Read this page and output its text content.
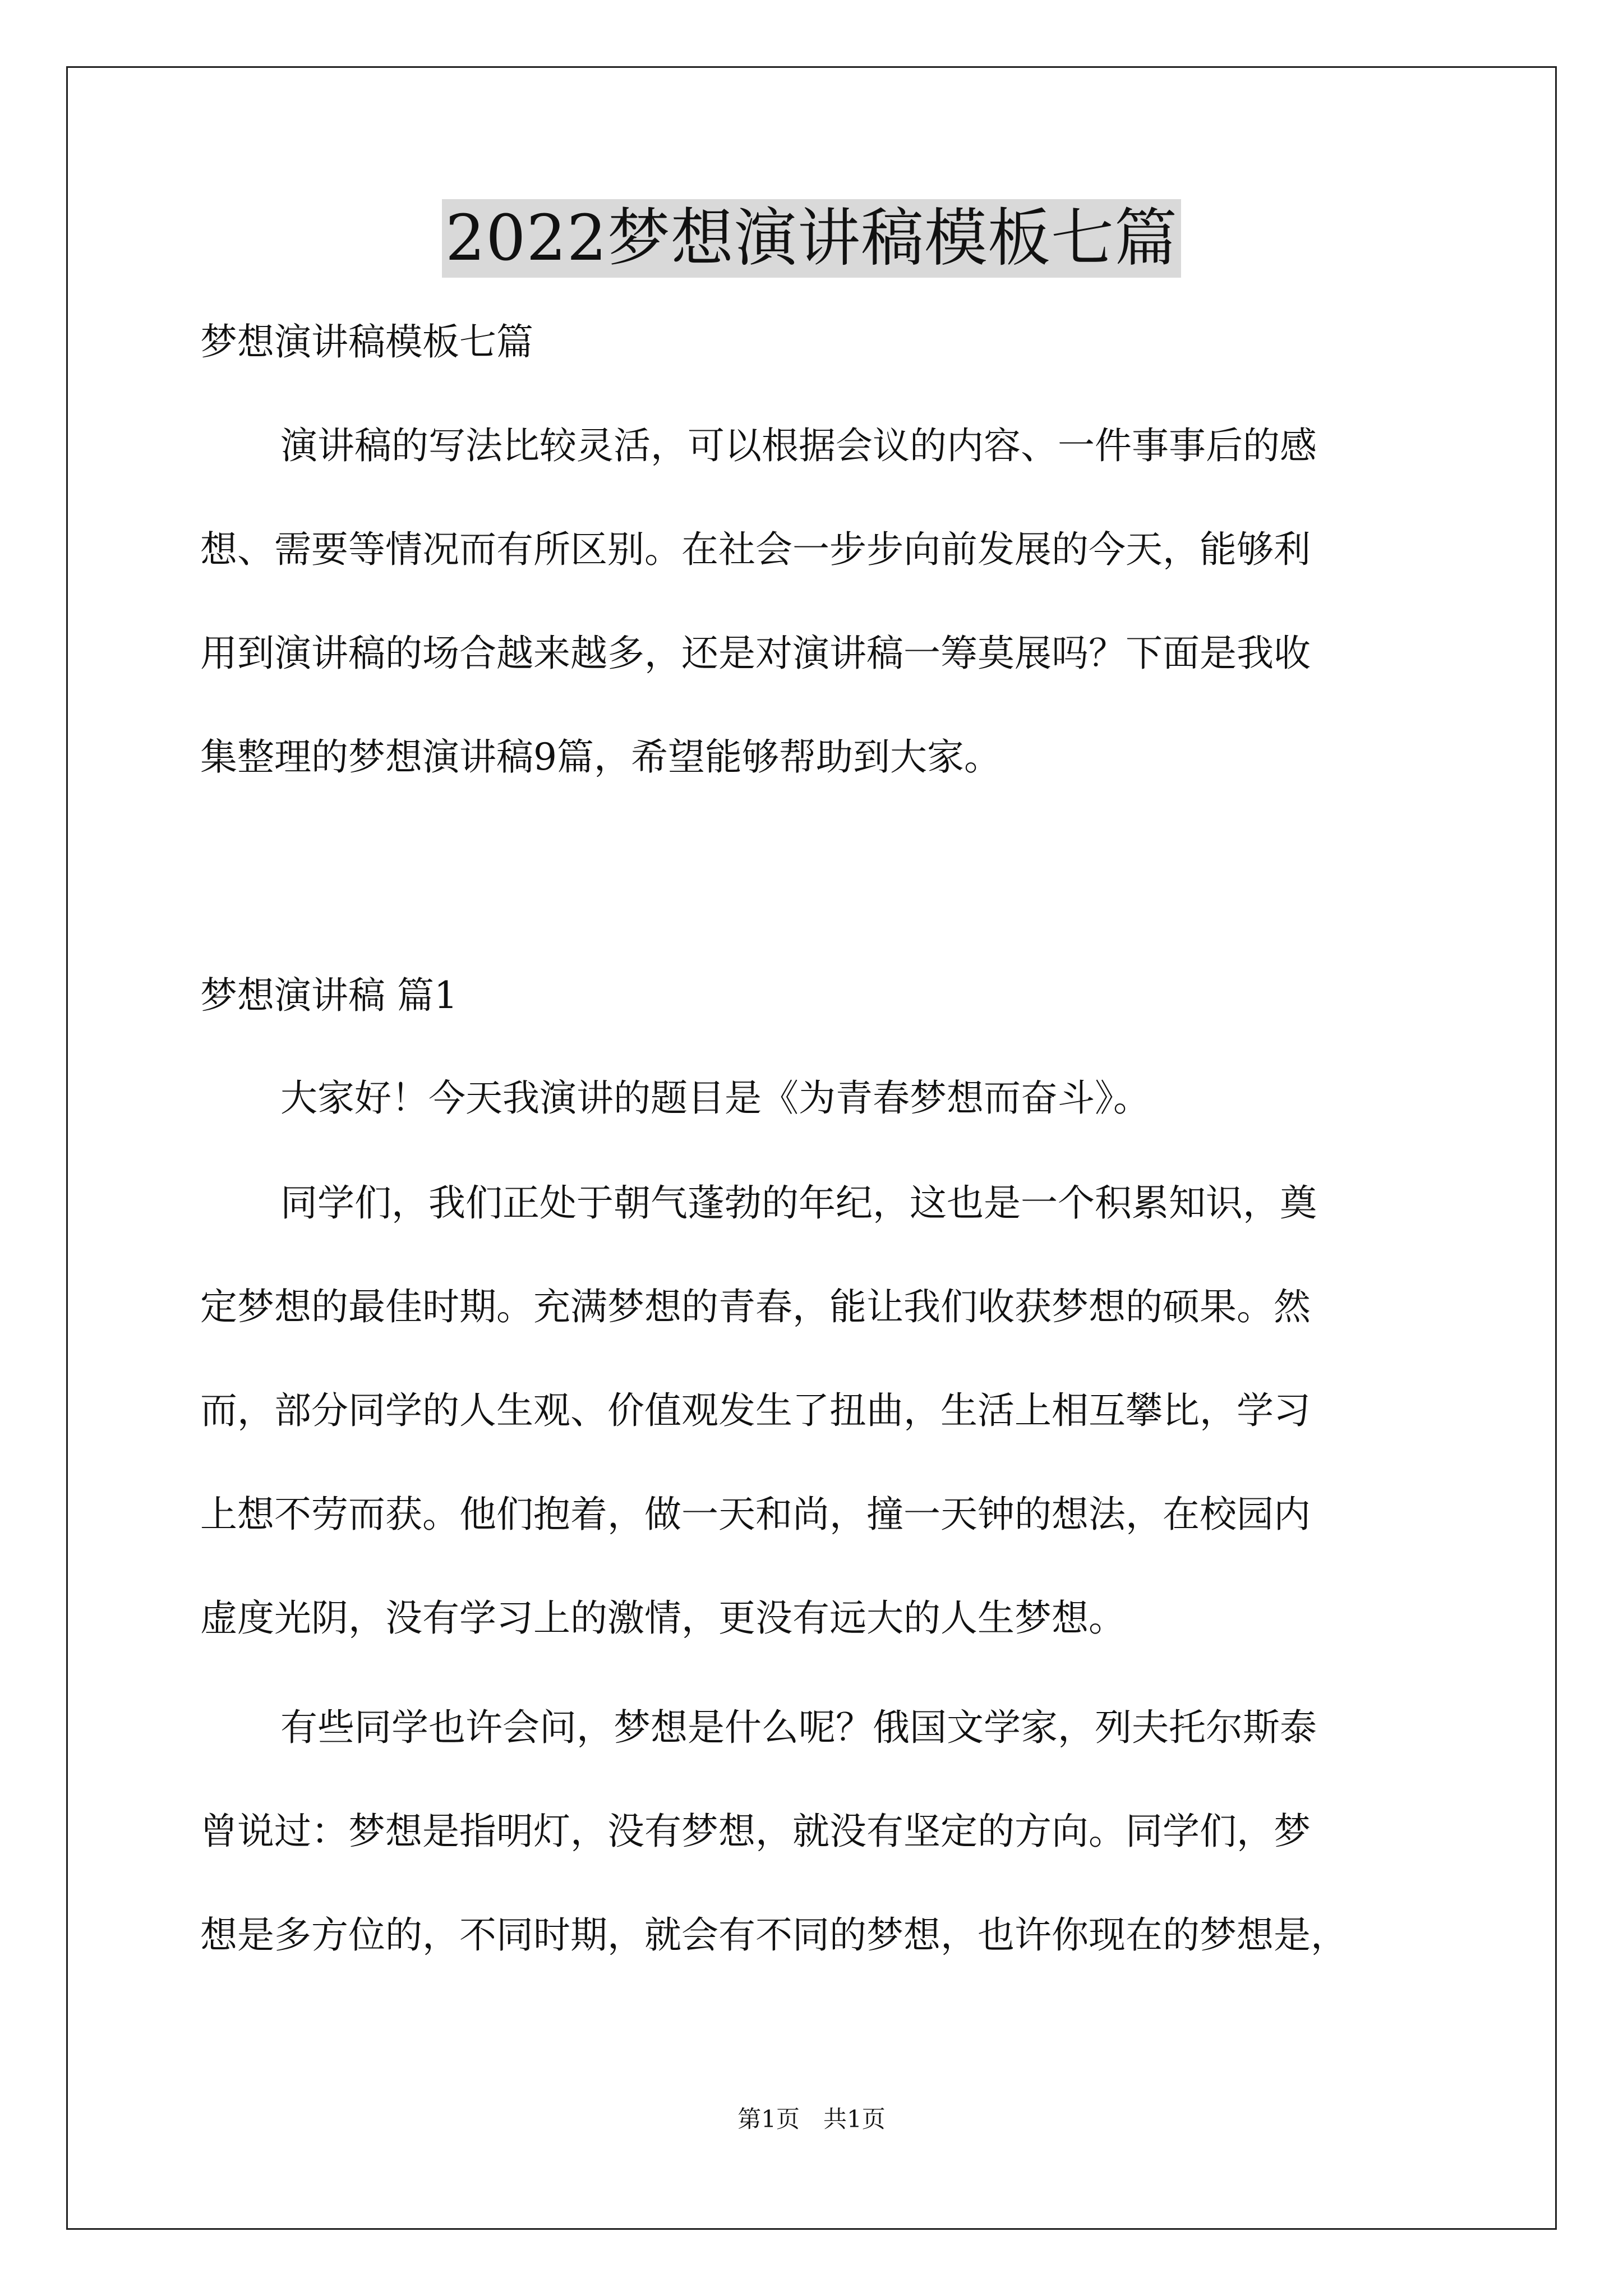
2022梦想演讲稿模板七篇
梦想演讲稿模板七篇
演讲稿的写法比较灵活，可以根据会议的内容、一件事事后的感
想、需要等情况而有所区别。在社会一步步向前发展的今天，能够利
用到演讲稿的场合越来越多，还是对演讲稿一筹莫展吗？下面是我收
集整理的梦想演讲稿9篇，希望能够帮助到大家。
梦想演讲稿 篇1
大家好！今天我演讲的题目是《为青春梦想而奋斗》。
同学们，我们正处于朝气蓬勃的年纪，这也是一个积累知识，奠
定梦想的最佳时期。充满梦想的青春，能让我们收获梦想的硕果。然
而，部分同学的人生观、价值观发生了扭曲，生活上相互攀比，学习
上想不劳而获。他们抱着，做一天和尚，撞一天钟的想法，在校园内
虚度光阴，没有学习上的激情，更没有远大的人生梦想。
有些同学也许会问，梦想是什么呢？俄国文学家，列夫托尔斯泰
曾说过：梦想是指明灯，没有梦想，就没有坚定的方向。同学们，梦
想是多方位的，不同时期，就会有不同的梦想，也许你现在的梦想是，
第1页　共1页
